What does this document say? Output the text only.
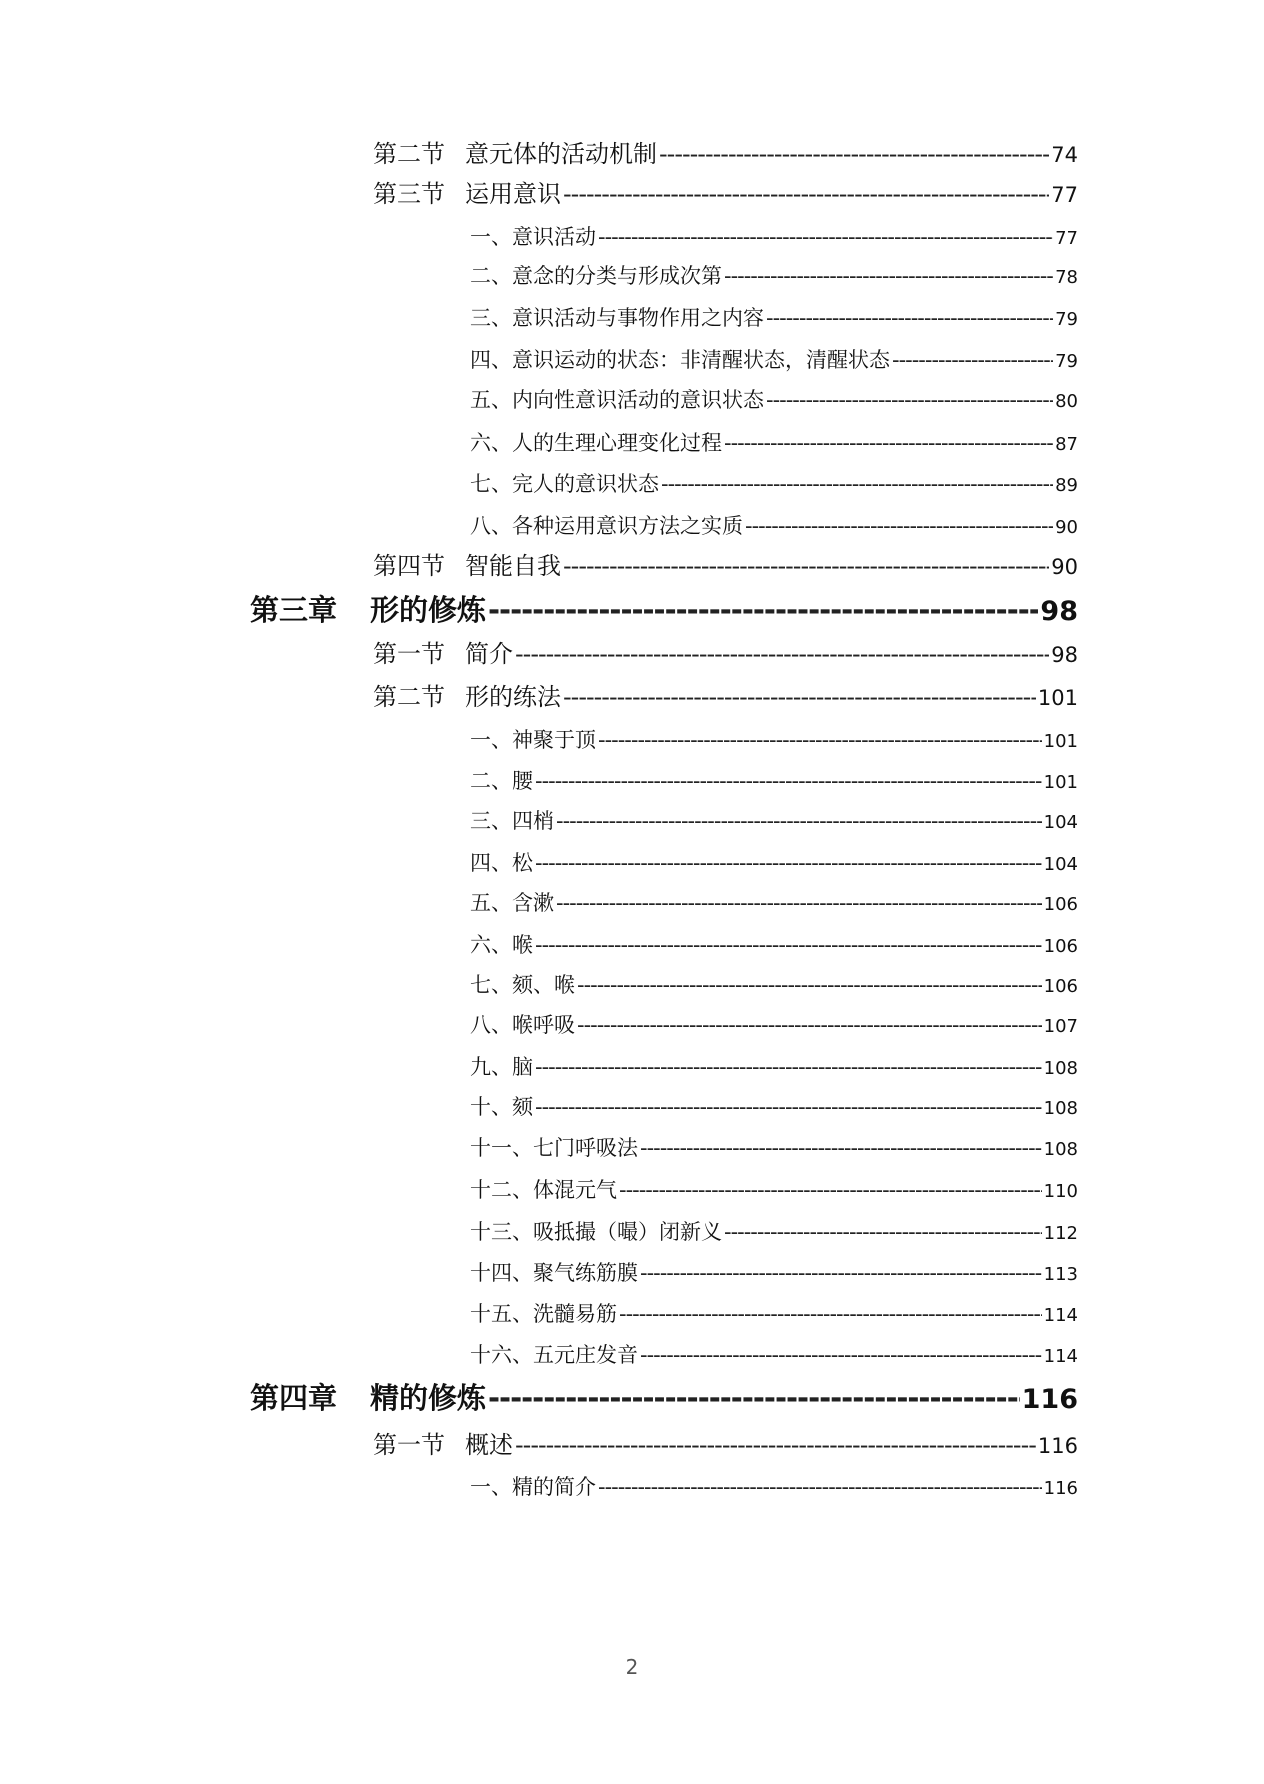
第二节 意元体的活动机制 -----	74
第三节 运用意识 -----	77
一、意识活动 -----	77
二、意念的分类与形成次第 -----	78
三、意识活动与事物作用之内容 -----	79
四、意识运动的状态：非清醒状态，清醒状态 -----	79
五、内向性意识活动的意识状态 -----	80
六、人的生理心理变化过程 -----	87
七、完人的意识状态 -----	89
八、各种运用意识方法之实质 -----	90
第四节 智能自我 -----	90
第三章 形的修炼 -----	98
第一节 简介 -----	98
第二节 形的练法 -----	101
一、神聚于顶 -----	101
二、腰 -----	101
三、四梢 -----	104
四、松 -----	104
五、含漱 -----	106
六、喉 -----	106
七、颏、喉 -----	106
八、喉呼吸 -----	107
九、脑 -----	108
十、颏 -----	108
十一、七门呼吸法 -----	108
十二、体混元气 -----	110
十三、吸抵撮（嘬）闭新义 -----	112
十四、聚气练筋膜 -----	113
十五、洗髓易筋 -----	114
十六、五元庄发音 -----	114
第四章 精的修炼 -----	116
第一节 概述 -----	116
一、精的简介 -----	116
2
